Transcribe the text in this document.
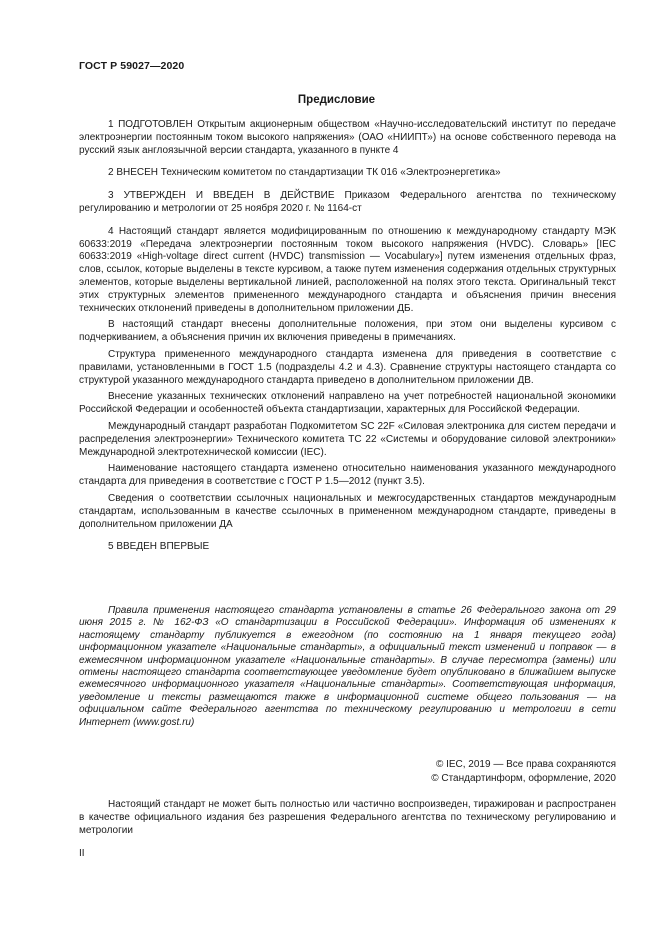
ГОСТ Р 59027—2020
Предисловие

1 ПОДГОТОВЛЕН Открытым акционерным обществом «Научно-исследовательский институт по передаче электроэнергии постоянным током высокого напряжения» (ОАО «НИИПТ») на основе собственного перевода на русский язык англоязычной версии стандарта, указанного в пункте 4

2 ВНЕСЕН Техническим комитетом по стандартизации ТК 016 «Электроэнергетика»

3 УТВЕРЖДЕН И ВВЕДЕН В ДЕЙСТВИЕ Приказом Федерального агентства по техническому регулированию и метрологии от 25 ноября 2020 г. № 1164-ст

4 Настоящий стандарт является модифицированным по отношению к международному стандарту МЭК 60633:2019 «Передача электроэнергии постоянным током высокого напряжения (HVDC). Словарь» [IEC 60633:2019 «High-voltage direct current (HVDC) transmission — Vocabulary»] путем изменения отдельных фраз, слов, ссылок, которые выделены в тексте курсивом, а также путем изменения содержания отдельных структурных элементов, которые выделены вертикальной линией, расположенной на полях этого текста. Оригинальный текст этих структурных элементов примененного международного стандарта и объяснения причин внесения технических отклонений приведены в дополнительном приложении ДБ.

В настоящий стандарт внесены дополнительные положения, при этом они выделены курсивом с подчеркиванием, а объяснения причин их включения приведены в примечаниях.

Структура примененного международного стандарта изменена для приведения в соответствие с правилами, установленными в ГОСТ 1.5 (подразделы 4.2 и 4.3). Сравнение структуры настоящего стандарта со структурой указанного международного стандарта приведено в дополнительном приложении ДВ.

Внесение указанных технических отклонений направлено на учет потребностей национальной экономики Российской Федерации и особенностей объекта стандартизации, характерных для Российской Федерации.

Международный стандарт разработан Подкомитетом SC 22F «Силовая электроника для систем передачи и распределения электроэнергии» Технического комитета ТС 22 «Системы и оборудование силовой электроники» Международной электротехнической комиссии (IEC).

Наименование настоящего стандарта изменено относительно наименования указанного международного стандарта для приведения в соответствие с ГОСТ Р 1.5—2012 (пункт 3.5).

Сведения о соответствии ссылочных национальных и межгосударственных стандартов международным стандартам, использованным в качестве ссылочных в примененном международном стандарте, приведены в дополнительном приложении ДА

5 ВВЕДЕН ВПЕРВЫЕ

Правила применения настоящего стандарта установлены в статье 26 Федерального закона от 29 июня 2015 г. № 162-ФЗ «О стандартизации в Российской Федерации». Информация об изменениях к настоящему стандарту публикуется в ежегодном (по состоянию на 1 января текущего года) информационном указателе «Национальные стандарты», а официальный текст изменений и поправок — в ежемесячном информационном указателе «Национальные стандарты». В случае пересмотра (замены) или отмены настоящего стандарта соответствующее уведомление будет опубликовано в ближайшем выпуске ежемесячного информационного указателя «Национальные стандарты». Соответствующая информация, уведомление и тексты размещаются также в информационной системе общего пользования — на официальном сайте Федерального агентства по техническому регулированию и метрологии в сети Интернет (www.gost.ru)

© IEC, 2019 — Все права сохраняются
© Стандартинформ, оформление, 2020

Настоящий стандарт не может быть полностью или частично воспроизведен, тиражирован и распространен в качестве официального издания без разрешения Федерального агентства по техническому регулированию и метрологии

II
